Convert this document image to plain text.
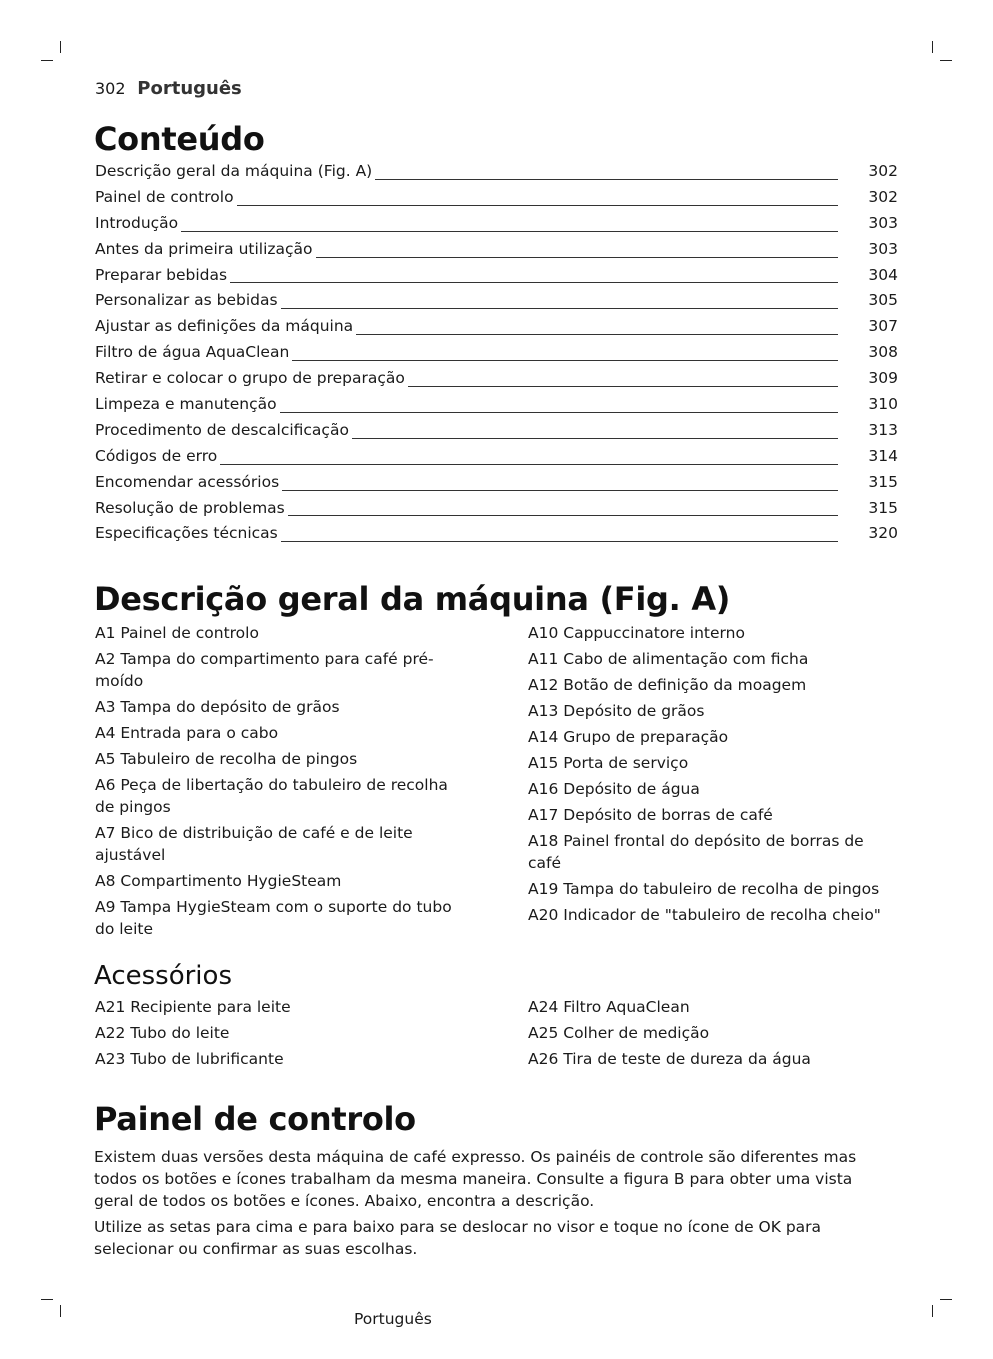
302 Português
Conteúdo
Descrição geral da máquina (Fig. A)	302
Painel de controlo	302
Introdução	303
Antes da primeira utilização	303
Preparar bebidas	304
Personalizar as bebidas	305
Ajustar as definições da máquina	307
Filtro de água AquaClean	308
Retirar e colocar o grupo de preparação	309
Limpeza e manutenção	310
Procedimento de descalcificação	313
Códigos de erro	314
Encomendar acessórios	315
Resolução de problemas	315
Especificações técnicas	320
Descrição geral da máquina (Fig. A)
A1 Painel de controlo
A2 Tampa do compartimento para café pré-moído
A3 Tampa do depósito de grãos
A4 Entrada para o cabo
A5 Tabuleiro de recolha de pingos
A6 Peça de libertação do tabuleiro de recolha de pingos
A7 Bico de distribuição de café e de leite ajustável
A8 Compartimento HygieSteam
A9 Tampa HygieSteam com o suporte do tubo do leite
A10 Cappuccinatore interno
A11 Cabo de alimentação com ficha
A12 Botão de definição da moagem
A13 Depósito de grãos
A14 Grupo de preparação
A15 Porta de serviço
A16 Depósito de água
A17 Depósito de borras de café
A18 Painel frontal do depósito de borras de café
A19 Tampa do tabuleiro de recolha de pingos
A20 Indicador de "tabuleiro de recolha cheio"
Acessórios
A21 Recipiente para leite
A22 Tubo do leite
A23 Tubo de lubrificante
A24 Filtro AquaClean
A25 Colher de medição
A26 Tira de teste de dureza da água
Painel de controlo

Existem duas versões desta máquina de café expresso. Os painéis de controle são diferentes mas todos os botões e ícones trabalham da mesma maneira. Consulte a figura B para obter uma vista geral de todos os botões e ícones. Abaixo, encontra a descrição.

Utilize as setas para cima e para baixo para se deslocar no visor e toque no ícone de OK para selecionar ou confirmar as suas escolhas.

Português
